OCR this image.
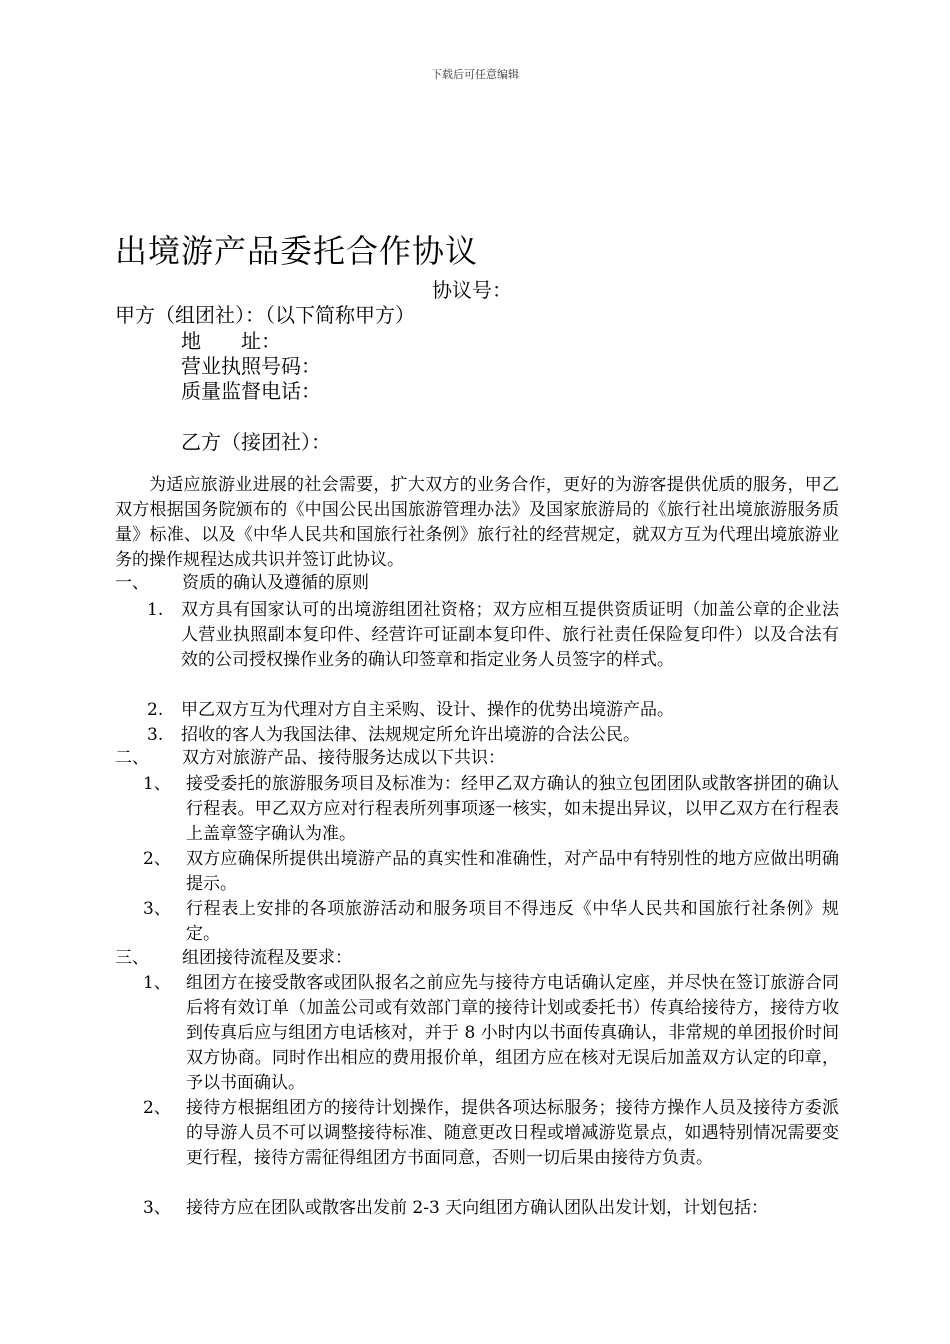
下载后可任意编辑
出境游产品委托合作协议
协议号：
甲方（组团社）：（以下简称甲方）
地　　址：
营业执照号码：
质量监督电话：
乙方（接团社）：
为适应旅游业进展的社会需要，扩大双方的业务合作，更好的为游客提供优质的服务，甲乙双方根据国务院颁布的《中国公民出国旅游管理办法》及国家旅游局的《旅行社出境旅游服务质量》标准、以及《中华人民共和国旅行社条例》旅行社的经营规定，就双方互为代理出境旅游业务的操作规程达成共识并签订此协议。
一、 资质的确认及遵循的原则
1. 双方具有国家认可的出境游组团社资格；双方应相互提供资质证明（加盖公章的企业法人营业执照副本复印件、经营许可证副本复印件、旅行社责任保险复印件）以及合法有效的公司授权操作业务的确认印签章和指定业务人员签字的样式。
2. 甲乙双方互为代理对方自主采购、设计、操作的优势出境游产品。
3. 招收的客人为我国法律、法规规定所允许出境游的合法公民。
二、 双方对旅游产品、接待服务达成以下共识：
1、 接受委托的旅游服务项目及标准为：经甲乙双方确认的独立包团团队或散客拼团的确认行程表。甲乙双方应对行程表所列事项逐一核实，如未提出异议，以甲乙双方在行程表上盖章签字确认为准。
2、 双方应确保所提供出境游产品的真实性和准确性，对产品中有特别性的地方应做出明确提示。
3、 行程表上安排的各项旅游活动和服务项目不得违反《中华人民共和国旅行社条例》规定。
三、 组团接待流程及要求：
1、 组团方在接受散客或团队报名之前应先与接待方电话确认定座，并尽快在签订旅游合同后将有效订单（加盖公司或有效部门章的接待计划或委托书）传真给接待方，接待方收到传真后应与组团方电话核对，并于 8 小时内以书面传真确认，非常规的单团报价时间双方协商。同时作出相应的费用报价单，组团方应在核对无误后加盖双方认定的印章，予以书面确认。
2、 接待方根据组团方的接待计划操作，提供各项达标服务；接待方操作人员及接待方委派的导游人员不可以调整接待标准、随意更改日程或增减游览景点，如遇特别情况需要变更行程，接待方需征得组团方书面同意，否则一切后果由接待方负责。
3、 接待方应在团队或散客出发前 2-3 天向组团方确认团队出发计划，计划包括：
